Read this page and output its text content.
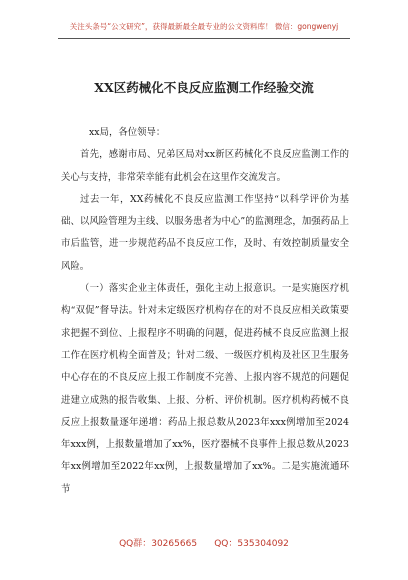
关注头条号“公文研究”，获得最新最全最专业的公文资料库！ 微信：gongwenyj
XX区药械化不良反应监测工作经验交流

xx局，各位领导：

首先，感谢市局、兄弟区局对xx新区药械化不良反应监测工作的关心与支持，非常荣幸能有此机会在这里作交流发言。

过去一年，XX药械化不良反应监测工作坚持“以科学评价为基础、以风险管理为主线、以服务患者为中心”的监测理念，加强药品上市后监管，进一步规范药品不良反应工作，及时、有效控制质量安全风险。

（一）落实企业主体责任，强化主动上报意识。一是实施医疗机构“双促”督导法。针对未定级医疗机构存在的对不良反应相关政策要求把握不到位、上报程序不明确的问题，促进药械不良反应监测上报工作在医疗机构全面普及；针对二级、一级医疗机构及社区卫生服务中心存在的不良反应上报工作制度不完善、上报内容不规范的问题促进建立成熟的报告收集、上报、分析、评价机制。医疗机构药械不良反应上报数量逐年递增：药品上报总数从2023年xxx例增加至2024年xxx例，上报数量增加了xx%，医疗器械不良事件上报总数从2023年xx例增加至2022年xx例，上报数量增加了xx%。二是实施流通环节

QQ群：30265665      QQ：535304092
